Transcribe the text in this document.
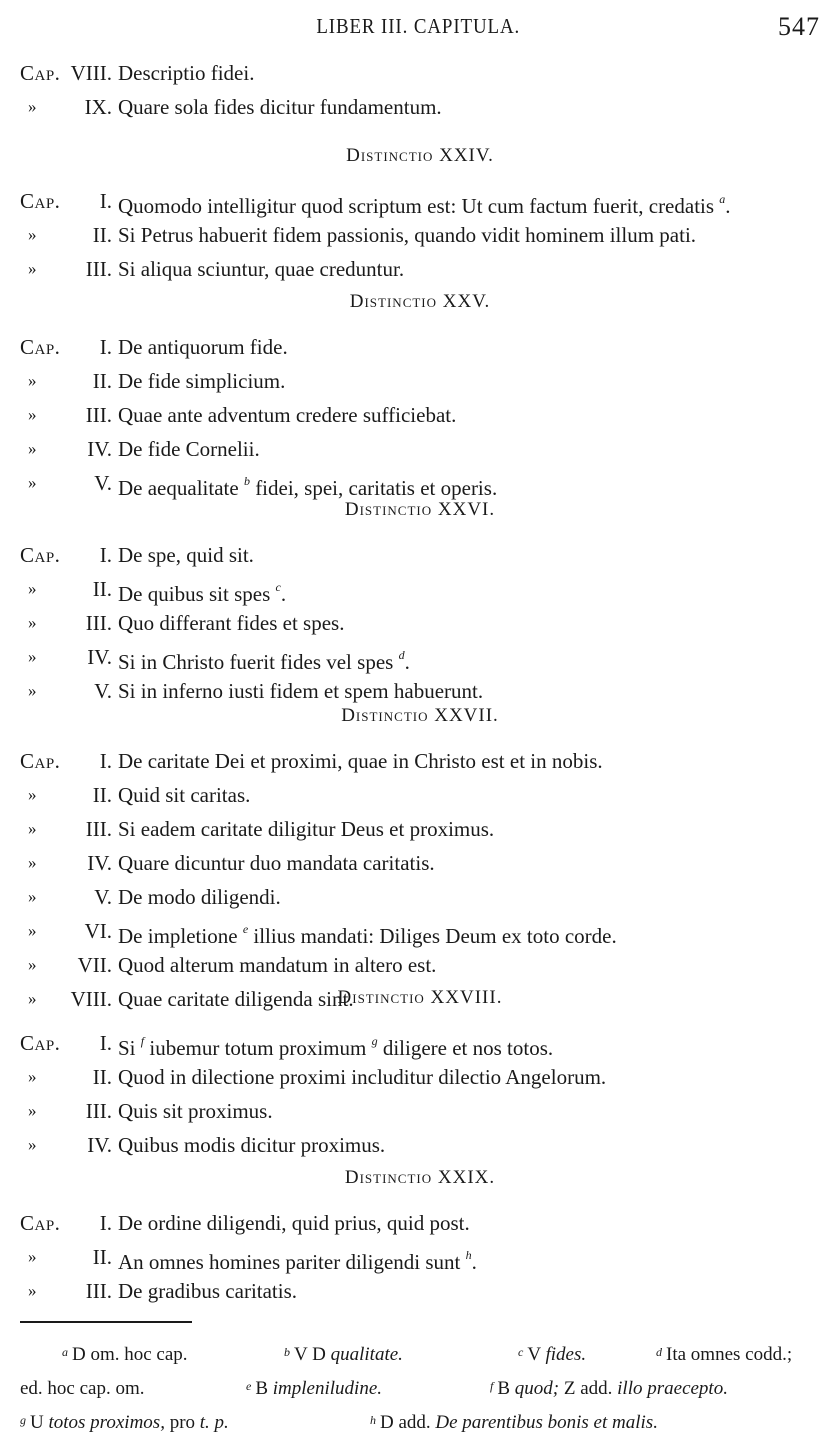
LIBER III. CAPITULA.	547
Cap. VIII. Descriptio fidei.
»	IX. Quare sola fides dicitur fundamentum.
Distinctio XXIV.
Cap.	I. Quomodo intelligitur quod scriptum est: Ut cum factum fuerit, credatis $^a$.
»	II. Si Petrus habuerit fidem passionis, quando vidit hominem illum pati.
»	III. Si aliqua sciuntur, quae creduntur.
Distinctio XXV.
Cap.	I. De antiquorum fide.
»	II. De fide simplicium.
»	III. Quae ante adventum credere sufficiebat.
»	IV. De fide Cornelii.
»	V. De aequalitate $^b$ fidei, spei, caritatis et operis.
Distinctio XXVI.
Cap.	I. De spe, quid sit.
»	II. De quibus sit spes $^c$.
»	III. Quo differant fides et spes.
»	IV. Si in Christo fuerit fides vel spes $^d$.
»	V. Si in inferno iusti fidem et spem habuerunt.
Distinctio XXVII.
Cap.	I. De caritate Dei et proximi, quae in Christo est et in nobis.
»	II. Quid sit caritas.
»	III. Si eadem caritate diligitur Deus et proximus.
»	IV. Quare dicuntur duo mandata caritatis.
»	V. De modo diligendi.
»	VI. De impletione $^e$ illius mandati: Diliges Deum ex toto corde.
»	VII. Quod alterum mandatum in altero est.
»	VIII. Quae caritate diligenda sint.
Distinctio XXVIII.
Cap.	I. Si $^f$ iubemur totum proximum $^g$ diligere et nos totos.
»	II. Quod in dilectione proximi includitur dilectio Angelorum.
»	III. Quis sit proximus.
»	IV. Quibus modis dicitur proximus.
Distinctio XXIX.
Cap.	I. De ordine diligendi, quid prius, quid post.
»	II. An omnes homines pariter diligendi sunt $^h$.
»	III. De gradibus caritatis.
$^a$ D om. hoc cap.	$^b$ V D qualitate.	$^c$ V fides.	$^d$ Ita omnes codd.;
ed. hoc cap. om.	$^e$ B impleniludine.	$^f$ B quod; Z add. illo praecepto.
$^g$ U totos proximos, pro t. p.	$^h$ D add. De parentibus bonis et malis.
